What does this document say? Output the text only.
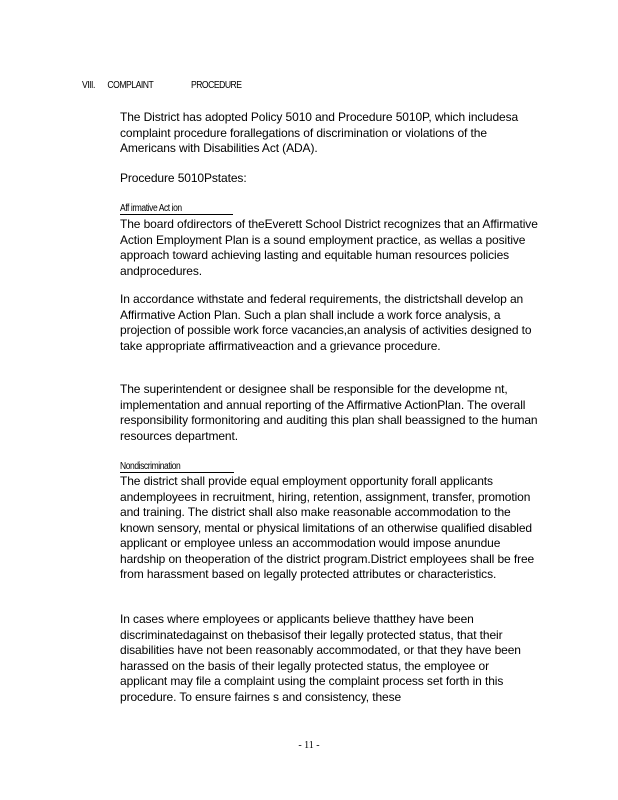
VIII. COMPLAINT	PROCEDURE

The District has adopted Policy 5010 and Procedure 5010P, which includesa complaint procedure forallegations of discrimination or violations of the Americans with Disabilities Act (ADA).

Procedure 5010Pstates:

Aff irmative Act ion

The board ofdirectors of theEverett School District recognizes that an Affirmative Action Employment Plan is a sound employment practice, as wellas a positive approach toward achieving lasting and equitable human resources policies andprocedures.

In accordance withstate and federal requirements, the districtshall develop an Affirmative Action Plan. Such a plan shall include a work force analysis, a projection of possible work force vacancies,an analysis of activities designed to take appropriate affirmativeaction and a grievance procedure.

The superintendent or designee shall be responsible for the developme nt, implementation and annual reporting of the Affirmative ActionPlan. The overall responsibility formonitoring and auditing this plan shall beassigned to the human resources department.

Nondiscrimination

The district shall provide equal employment opportunity forall applicants andemployees in recruitment, hiring, retention, assignment, transfer, promotion and training. The district shall also make reasonable accommodation to the known sensory, mental or physical limitations of an otherwise qualified disabled applicant or employee unless an accommodation would impose anundue hardship on theoperation of the district program.District employees shall be free from harassment based on legally protected attributes or characteristics.

In cases where employees or applicants believe thatthey have been discriminatedagainst on thebasisof their legally protected status, that their disabilities have not been reasonably accommodated, or that they have been harassed on the basis of their legally protected status, the employee or applicant may file a complaint using the complaint process set forth in this procedure. To ensure fairnes s and consistency, these

- 11 -
